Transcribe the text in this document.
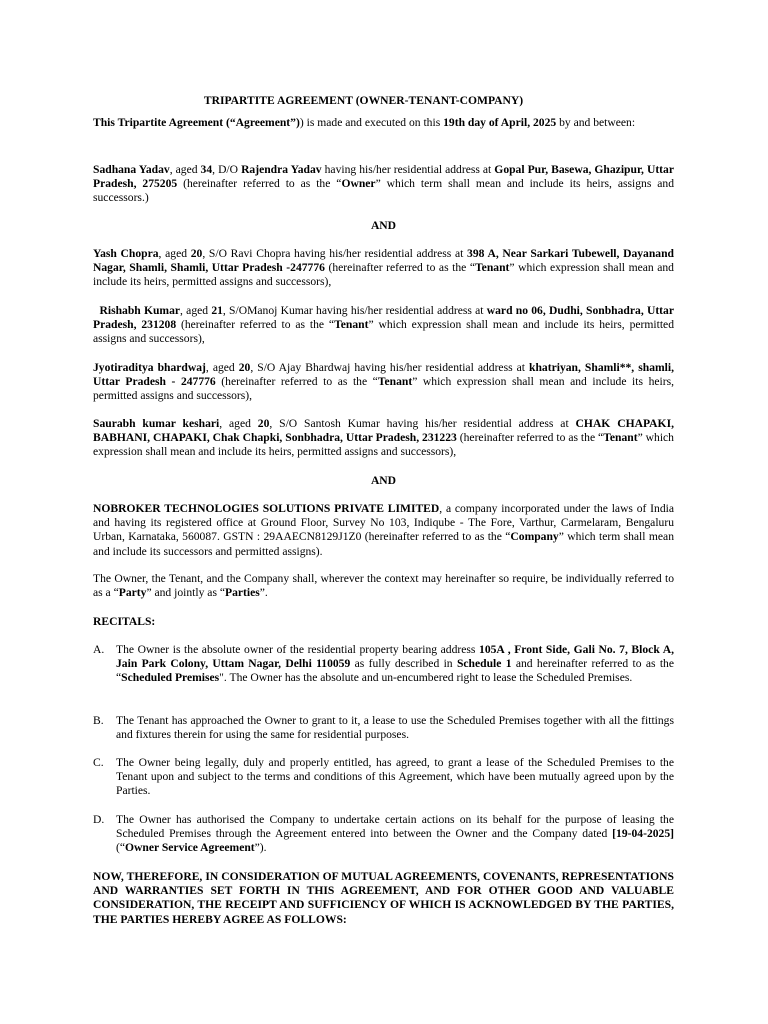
TRIPARTITE AGREEMENT (OWNER-TENANT-COMPANY)

This Tripartite Agreement (“Agreement”)) is made and executed on this 19th day of April, 2025 by and between:

Sadhana Yadav, aged 34, D/O Rajendra Yadav having his/her residential address at Gopal Pur, Basewa, Ghazipur, Uttar Pradesh, 275205 (hereinafter referred to as the “Owner” which term shall mean and include its heirs, assigns and successors.)

AND

Yash Chopra, aged 20, S/O Ravi Chopra having his/her residential address at 398 A, Near Sarkari Tubewell, Dayanand Nagar, Shamli, Shamli, Uttar Pradesh -247776 (hereinafter referred to as the “Tenant” which expression shall mean and include its heirs, permitted assigns and successors),

Rishabh Kumar, aged 21, S/OManoj Kumar having his/her residential address at ward no 06, Dudhi, Sonbhadra, Uttar Pradesh, 231208 (hereinafter referred to as the “Tenant” which expression shall mean and include its heirs, permitted assigns and successors),

Jyotiraditya bhardwaj, aged 20, S/O Ajay Bhardwaj having his/her residential address at khatriyan, Shamli**, shamli, Uttar Pradesh - 247776 (hereinafter referred to as the “Tenant” which expression shall mean and include its heirs, permitted assigns and successors),

Saurabh kumar keshari, aged 20, S/O Santosh Kumar having his/her residential address at CHAK CHAPAKI, BABHANI, CHAPAKI, Chak Chapki, Sonbhadra, Uttar Pradesh, 231223 (hereinafter referred to as the “Tenant” which expression shall mean and include its heirs, permitted assigns and successors),

AND

NOBROKER TECHNOLOGIES SOLUTIONS PRIVATE LIMITED, a company incorporated under the laws of India and having its registered office at Ground Floor, Survey No 103, Indiqube - The Fore, Varthur, Carmelaram, Bengaluru Urban, Karnataka, 560087. GSTN : 29AAECN8129J1Z0 (hereinafter referred to as the “Company” which term shall mean and include its successors and permitted assigns).

The Owner, the Tenant, and the Company shall, wherever the context may hereinafter so require, be individually referred to as a “Party” and jointly as “Parties”.

RECITALS:

A. The Owner is the absolute owner of the residential property bearing address 105A , Front Side, Gali No. 7, Block A, Jain Park Colony, Uttam Nagar, Delhi 110059 as fully described in Schedule 1 and hereinafter referred to as the “Scheduled Premises". The Owner has the absolute and un-encumbered right to lease the Scheduled Premises.
B. The Tenant has approached the Owner to grant to it, a lease to use the Scheduled Premises together with all the fittings and fixtures therein for using the same for residential purposes.
C. The Owner being legally, duly and properly entitled, has agreed, to grant a lease of the Scheduled Premises to the Tenant upon and subject to the terms and conditions of this Agreement, which have been mutually agreed upon by the Parties.
D. The Owner has authorised the Company to undertake certain actions on its behalf for the purpose of leasing the Scheduled Premises through the Agreement entered into between the Owner and the Company dated [19-04-2025] (“Owner Service Agreement”).

NOW, THEREFORE, IN CONSIDERATION OF MUTUAL AGREEMENTS, COVENANTS, REPRESENTATIONS AND WARRANTIES SET FORTH IN THIS AGREEMENT, AND FOR OTHER GOOD AND VALUABLE CONSIDERATION, THE RECEIPT AND SUFFICIENCY OF WHICH IS ACKNOWLEDGED BY THE PARTIES, THE PARTIES HEREBY AGREE AS FOLLOWS:
